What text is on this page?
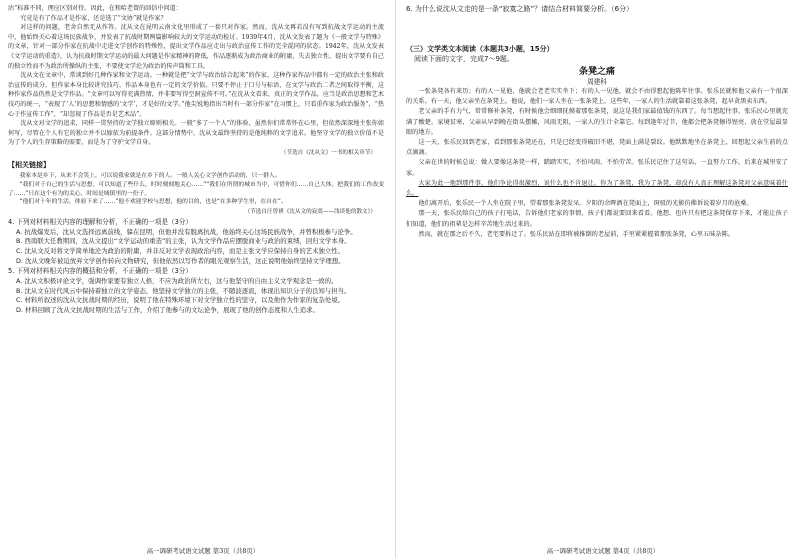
沽”标准不同，理应区别对待。因此，在和哈老曾的回信中问道：

究竟是有了作品才是作家，还是选了“文协”就是作家？

对这样的问题，老舍自然无从作答。沈从文在昆明云南文化里形成了一套只对作家。然而，沈从文再若没有写到抗战文学运动的主流中，他始终关心着这场民族战争，并发表了抗战时期两篇影响较大的文学运动的检讨。1939年4月，沈从文发表了题为《一般文学与特殊》的文章，针对一部分作家在抗战中走进文学创作的特殊性，提出文学作品应走出与政治宣传工作的完全混同的状态。1942年，沈从文发表《文学运动的重造》，认为抗战时期文学运动的最大问题是作家精神的降低，作品逐渐成为政治商业的附庸，失去独立性，提出文学要有自己的独立性而不为政治所操纵的主张，不要使文学沦为政治的传声筒和工具。

沈从文在文章中，常谈到好几种作家和文学运动。一种就是把“文学与政治结合起来”的作家，这种作家作品中都有一定的政治主张和政治宣传的成分，但作家本身比较讲究技巧，作品本身也有一定的文学价值。只要不停止于口号与标语，在文学与政治二者之间取得平衡，这种作家作品仍然是文学作品。“文章可以写得充满热情，并非要写得空洞宣传不可。”在沈从文看来，真正的文学作品，应当是政治思想和艺术技巧的统一，“表现了‘人’的思想和情感的‘文学’，才是好的文学。”他尖锐地指出当时有一部分作家“在习惯上，只看重作家为政治服务”，“热心于作宣传工作”，“却忽视了作品是否是艺术品”。

沈从文对文学的追求，同样一贯坚持的文学独立原则相关。一般“多了一个人”的体验，虽然你们常常怀在心里，但依然深深地主张你如何写，尽管在个人有它的独立并不以嫁依为前提条件。这部分情势中，沈从文最终坚持的是他纯粹的文学追求。他坚守文学的独立价值不是为了个人的生存策略的需要，而是为了守护文学自身。

（节选自《沈从文》一书的相关章节）

【相关链接】

我家本是乡下，从来不会笑上，可以说我家就是在乡下的人。一般人关心文学创作活动的，只一群人。

“我们对于自己的生活与思想，可以知道了些什么，时时刻刻地关心……”“我们在所谓的城市当中，可惜你们……自己大体，把我们的工作改变了……”只在这个有为的关心，时间是城镇里的一份子。

“他们对十年的生活，体验下来了……”他不欢迎学校与思想，他的目的，也是“在多种学生里，在自在”。

（节选自汪曾祺《沈从文的寂寞——浅谈他的散文》）

4. 下列对材料相关内容的理解和分析，不正确的一项是（3分）

A. 抗战爆发后，沈从文选择远离前线，躲在昆明，但他并没有脱离抗战，他始终关心这场民族战争，并曾积极参与论争。

B. 西南联大任教期间，沈从文提出“文学运动的重造”的主张，认为文学作品应摆脱商业与政治的束缚，回归文学本身。

C. 沈从文反对将文学简单地沦为政治的附庸，并非反对文学表现政治内容，而是主张文学应保持自身的艺术独立性。

D. 沈从文晚年被迫放弃文学创作转向文物研究，但他依然以写作者的眼光观察生活，这正说明他始终坚持文学理想。

5. 下列对材料相关内容的概括和分析，不正确的一项是（3分）

A. 沈从文积极评论文学，强调作家要有独立人格，不应为政治所左右，这与他坚守的自由主义文学观念是一致的。

B. 沈从文在时代风云中保持着独立的文学姿态，他坚持文学独立的主张，不随波逐流，体现出知识分子的良知与担当。

C. 材料所叙述的沈从文抗战时期的经历，说明了他在特殊环境下对文学独立性的坚守，以及他作为作家的复杂处境。

D. 材料回顾了沈从文抗战时期的生活与工作，介绍了他参与的文坛论争，展现了他的创作态度和人生追求。

高一调研考试语文试题 第3页（共8页）

6. 为什么说沈从文走的是一条“寂寞之路”？请结合材料简要分析。（6分）

（三）文学类文本阅读（本题共3小题，15分）

阅读下面的文字，完成7～9题。

条凳之痛
周建科

一张条凳各有来历；有的人一见他，他就会老老实实坐下；有的人一见他，就会不由得想起他陈年往事。张乐民就和他父亲有一个很深的关系。有一天，他父亲坐在条凳上。他说，他们一家人坐在一张条凳上，这些年，一家人的生活就靠着这张条凳，起早贪黑卖东西。

老父亲的手有力气，常常修补条凳，有时候他会细细抚摸着那张条凳，说这是我们家最值钱的东西了。每当想起往事，张乐民心里就充满了酸楚。家境贫寒，父亲从早到晚在街头摆摊，风雨无阻，一家人的生计全靠它。每到逢年过节，他都会把条凳擦得锃亮，放在堂屋最显眼的地方。

这一天，张乐民回到老家，看到那张条凳还在，只是已经变得破旧不堪，凳面上满是裂纹。他默默地坐在条凳上，回想起父亲生前的点点滴滴。

父亲在世的时候总说：做人要像这条凳一样，踏踏实实，不怕风雨，不怕劳苦。张乐民记住了这句话，一直努力工作，后来在城里安了家。

大家为此一地到那件事，他们争论得很激烈，说什么也不肯退让。你为了条凳，我为了条凳，却没有人真正理解这条凳对父亲意味着什么。

他们离开后，张乐民一个人坐在院子里，望着那张条凳发呆。夕阳的余晖洒在凳面上，斑驳的光影仿佛诉说着岁月的沧桑。

那一天，张乐民给自己的孩子打电话，告诉他们老家的事情，孩子们都说要回来看看。他想，也许只有把这条凳保存下来，才能让孩子们知道，他们的祖辈是怎样辛苦地生活过来的。

然而，就在那之后不久，老宅要拆迁了。张乐民站在即将被推倒的老屋前，手里紧紧握着那张条凳，心里五味杂陈。

高一调研考试语文试题 第4页（共8页）
